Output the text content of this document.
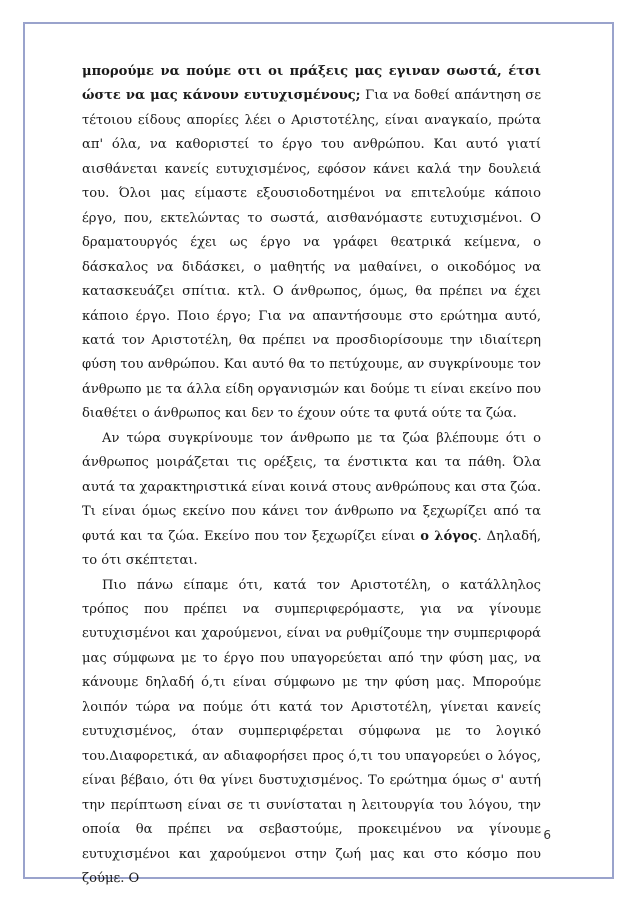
μπορούμε να πούμε οτι οι πράξεις μας εγιναν σωστά, έτσι ώστε να μας κάνουν ευτυχισμένους; Για να δοθεί απάντηση σε τέτοιου είδους απορίες λέει ο Αριστοτέλης, είναι αναγκαίο, πρώτα απ' όλα, να καθοριστεί το έργο του ανθρώπου. Και αυτό γιατί αισθάνεται κανείς ευτυχισμένος, εφόσον κάνει καλά την δουλειά του. Όλοι μας είμαστε εξουσιοδοτημένοι να επιτελούμε κάποιο έργο, που, εκτελώντας το σωστά, αισθανόμαστε ευτυχισμένοι. Ο δραματουργός έχει ως έργο να γράφει θεατρικά κείμενα, ο δάσκαλος να διδάσκει, ο μαθητής να μαθαίνει, ο οικοδόμος να κατασκευάζει σπίτια. κτλ. Ο άνθρωπος, όμως, θα πρέπει να έχει κάποιο έργο. Ποιο έργο; Για να απαντήσουμε στο ερώτημα αυτό, κατά τον Αριστοτέλη, θα πρέπει να προσδιορίσουμε την ιδιαίτερη φύση του ανθρώπου. Και αυτό θα το πετύχουμε, αν συγκρίνουμε τον άνθρωπο με τα άλλα είδη οργανισμών και δούμε τι είναι εκείνο που διαθέτει ο άνθρωπος και δεν το έχουν ούτε τα φυτά ούτε τα ζώα.

Αν τώρα συγκρίνουμε τον άνθρωπο με τα ζώα βλέπουμε ότι ο άνθρωπος μοιράζεται τις ορέξεις, τα ένστικτα και τα πάθη. Όλα αυτά τα χαρακτηριστικά είναι κοινά στους ανθρώπους και στα ζώα. Τι είναι όμως εκείνο που κάνει τον άνθρωπο να ξεχωρίζει από τα φυτά και τα ζώα. Εκείνο που τον ξεχωρίζει είναι ο λόγος. Δηλαδή, το ότι σκέπτεται.

Πιο πάνω είπαμε ότι, κατά τον Αριστοτέλη, ο κατάλληλος τρόπος που πρέπει να συμπεριφερόμαστε, για να γίνουμε ευτυχισμένοι και χαρούμενοι, είναι να ρυθμίζουμε την συμπεριφορά μας σύμφωνα με το έργο που υπαγορεύεται από την φύση μας, να κάνουμε δηλαδή ό,τι είναι σύμφωνο με την φύση μας. Μπορούμε λοιπόν τώρα να πούμε ότι κατά τον Αριστοτέλη, γίνεται κανείς ευτυχισμένος, όταν συμπεριφέρεται σύμφωνα με το λογικό του.Διαφορετικά, αν αδιαφορήσει προς ό,τι του υπαγορεύει ο λόγος, είναι βέβαιο, ότι θα γίνει δυστυχισμένος. Το ερώτημα όμως σ' αυτή την περίπτωση είναι σε τι συνίσταται η λειτουργία του λόγου, την οποία θα πρέπει να σεβαστούμε, προκειμένου να γίνουμε ευτυχισμένοι και χαρούμενοι στην ζωή μας και στο κόσμο που ζούμε. Ο

6
